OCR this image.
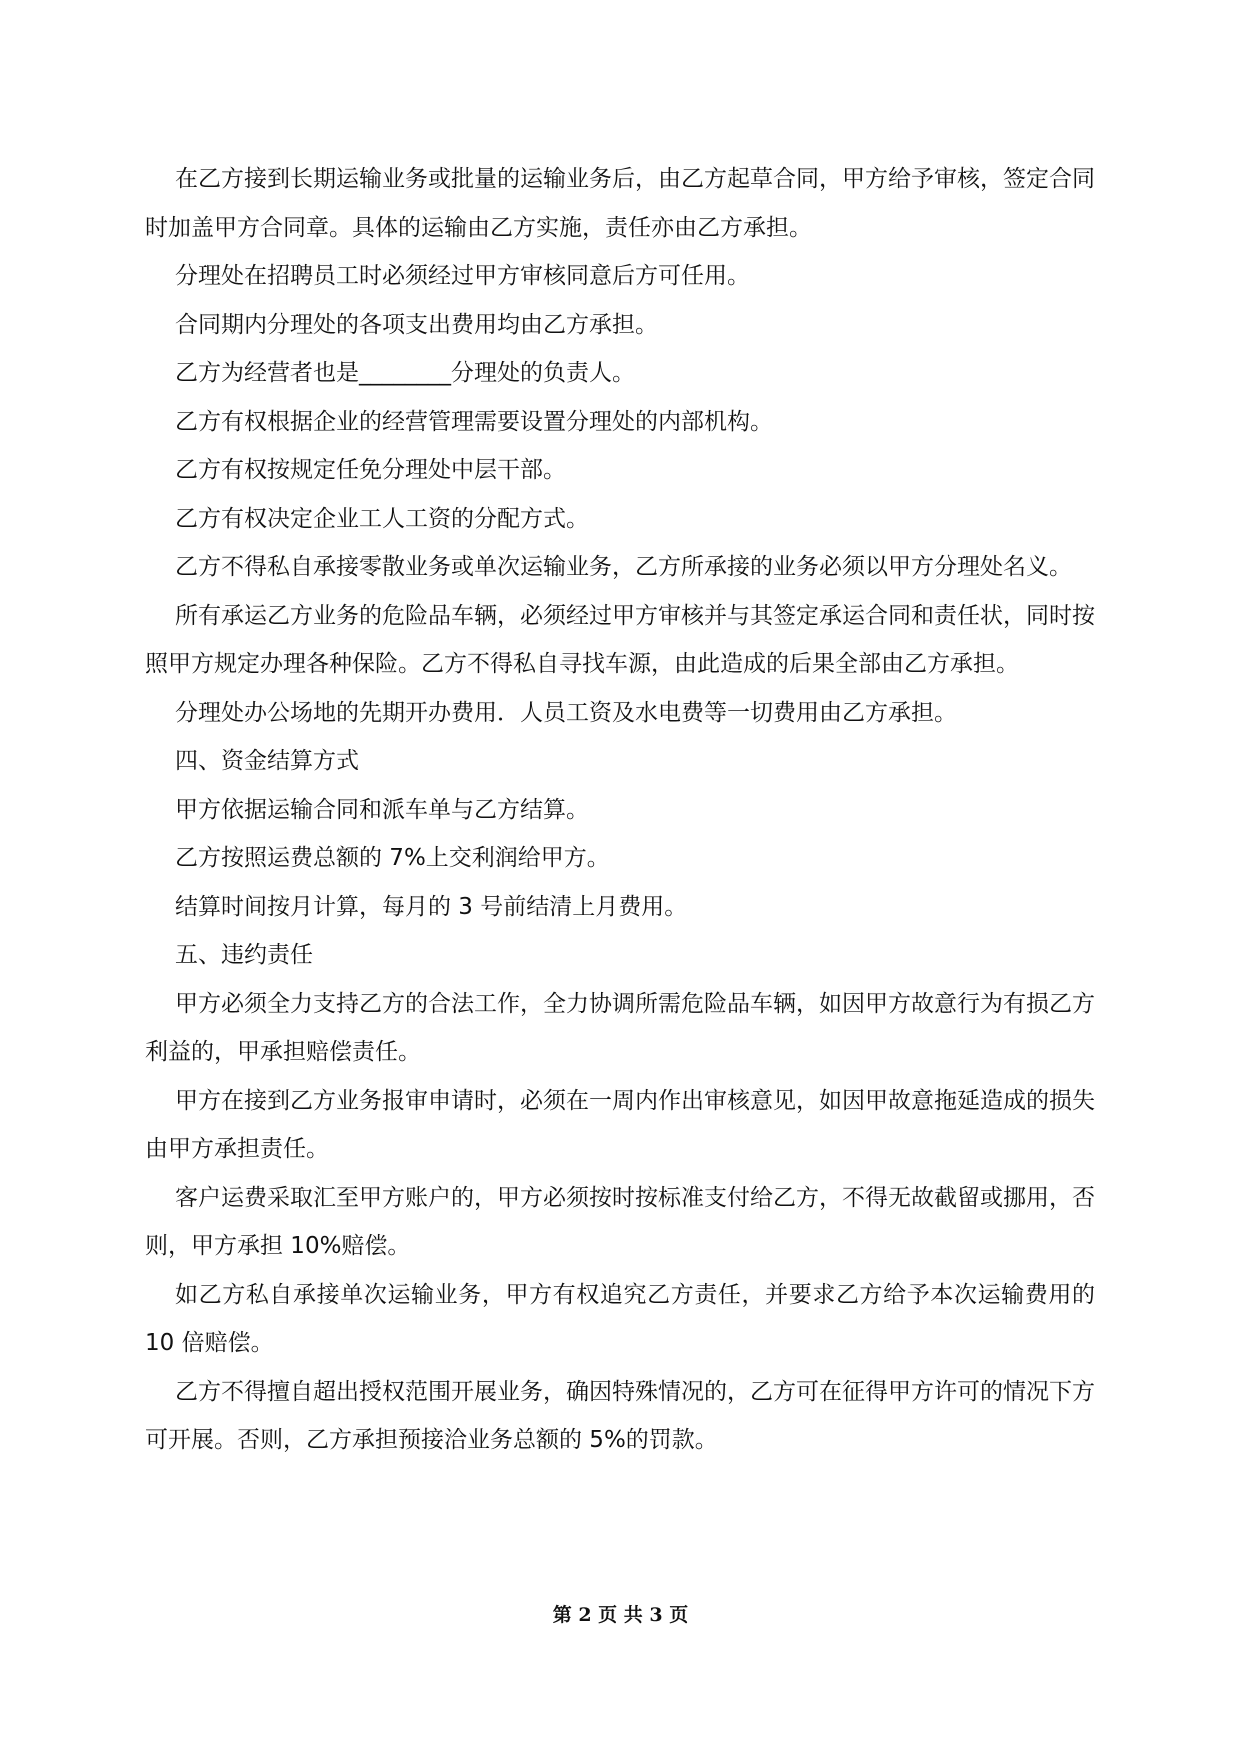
在乙方接到长期运输业务或批量的运输业务后，由乙方起草合同，甲方给予审核，签定合同时加盖甲方合同章。具体的运输由乙方实施，责任亦由乙方承担。

分理处在招聘员工时必须经过甲方审核同意后方可任用。

合同期内分理处的各项支出费用均由乙方承担。

乙方为经营者也是________分理处的负责人。

乙方有权根据企业的经营管理需要设置分理处的内部机构。

乙方有权按规定任免分理处中层干部。

乙方有权决定企业工人工资的分配方式。

乙方不得私自承接零散业务或单次运输业务，乙方所承接的业务必须以甲方分理处名义。

所有承运乙方业务的危险品车辆，必须经过甲方审核并与其签定承运合同和责任状，同时按照甲方规定办理各种保险。乙方不得私自寻找车源，由此造成的后果全部由乙方承担。

分理处办公场地的先期开办费用．人员工资及水电费等一切费用由乙方承担。

四、资金结算方式

甲方依据运输合同和派车单与乙方结算。

乙方按照运费总额的 7%上交利润给甲方。

结算时间按月计算，每月的 3 号前结清上月费用。

五、违约责任

甲方必须全力支持乙方的合法工作，全力协调所需危险品车辆，如因甲方故意行为有损乙方利益的，甲承担赔偿责任。

甲方在接到乙方业务报审申请时，必须在一周内作出审核意见，如因甲故意拖延造成的损失由甲方承担责任。

客户运费采取汇至甲方账户的，甲方必须按时按标准支付给乙方，不得无故截留或挪用，否则，甲方承担 10%赔偿。

如乙方私自承接单次运输业务，甲方有权追究乙方责任，并要求乙方给予本次运输费用的 10 倍赔偿。

乙方不得擅自超出授权范围开展业务，确因特殊情况的，乙方可在征得甲方许可的情况下方可开展。否则，乙方承担预接洽业务总额的 5%的罚款。

第 2 页 共 3 页
